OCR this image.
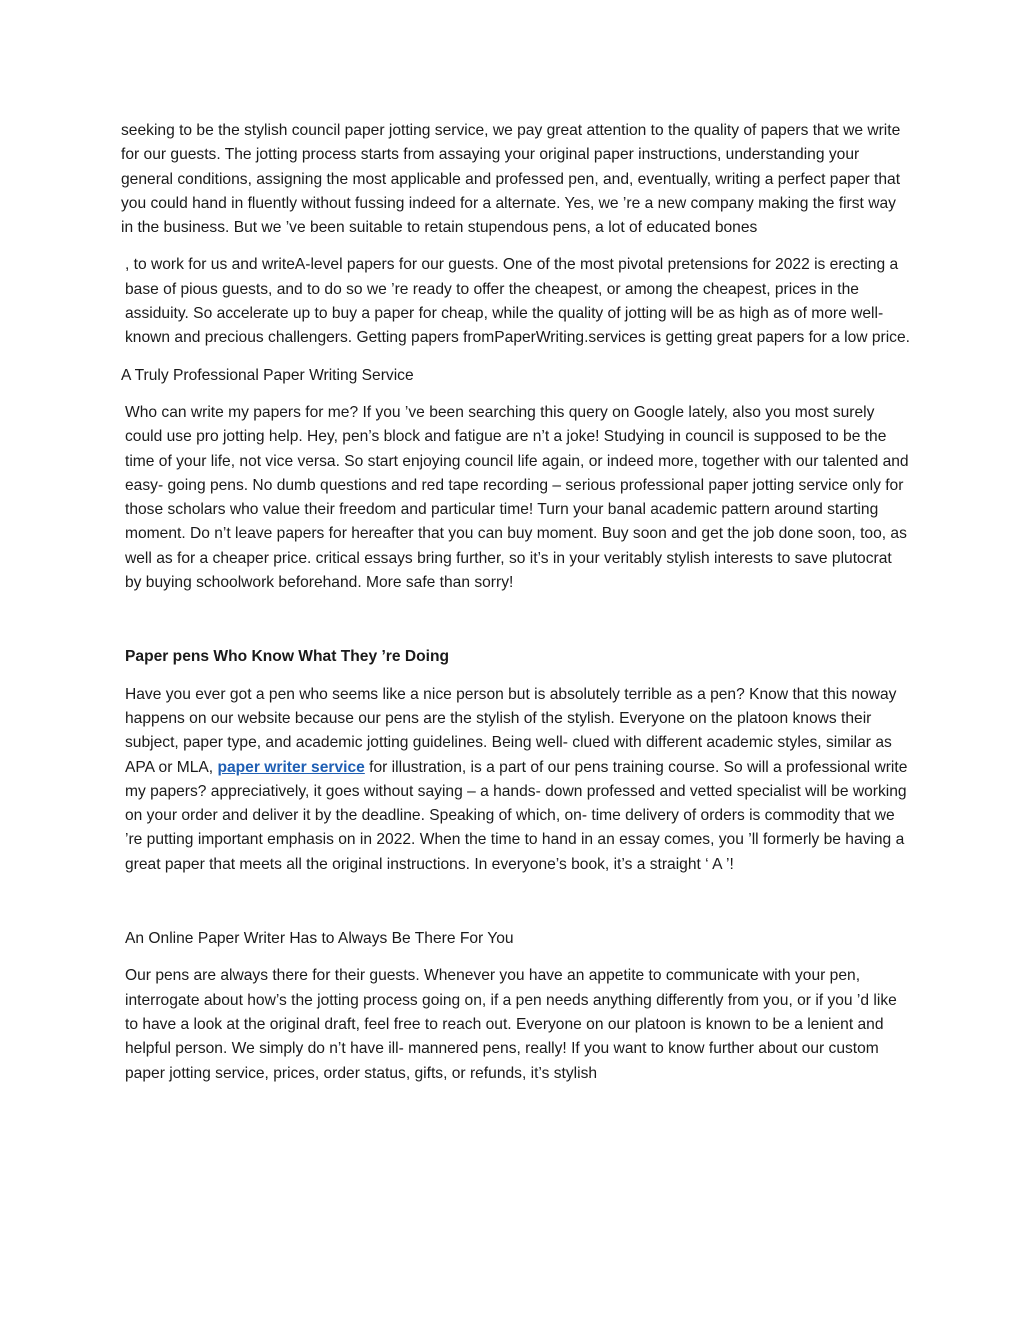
seeking to be the stylish council paper jotting service, we pay great attention to the quality of papers that we write for our guests. The jotting process starts from assaying your original paper instructions, understanding your general conditions, assigning the most applicable and professed pen, and, eventually, writing a perfect paper that you could hand in fluently without fussing indeed for a alternate. Yes, we ’re a new company making the first way in the business. But we ’ve been suitable to retain stupendous pens, a lot of educated bones

, to work for us and writeA-level papers for our guests. One of the most pivotal pretensions for 2022 is erecting a base of pious guests, and to do so we ’re ready to offer the cheapest, or among the cheapest, prices in the assiduity. So accelerate up to buy a paper for cheap, while the quality of jotting will be as high as of more well- known and precious challengers. Getting papers fromPaperWriting.services is getting great papers for a low price.

A Truly Professional Paper Writing Service

Who can write my papers for me? If you ’ve been searching this query on Google lately, also you most surely could use pro jotting help. Hey, pen’s block and fatigue are n’t a joke! Studying in council is supposed to be the time of your life, not vice versa. So start enjoying council life again, or indeed more, together with our talented and easy- going pens. No dumb questions and red tape recording – serious professional paper jotting service only for those scholars who value their freedom and particular time! Turn your banal academic pattern around starting moment. Do n’t leave papers for hereafter that you can buy moment. Buy soon and get the job done soon, too, as well as for a cheaper price. critical essays bring further, so it’s in your veritably stylish interests to save plutocrat by buying schoolwork beforehand. More safe than sorry!

Paper pens Who Know What They ’re Doing

Have you ever got a pen who seems like a nice person but is absolutely terrible as a pen? Know that this noway happens on our website because our pens are the stylish of the stylish. Everyone on the platoon knows their subject, paper type, and academic jotting guidelines. Being well- clued with different academic styles, similar as APA or MLA, paper writer service for illustration, is a part of our pens training course. So will a professional write my papers? appreciatively, it goes without saying – a hands- down professed and vetted specialist will be working on your order and deliver it by the deadline. Speaking of which, on- time delivery of orders is commodity that we ’re putting important emphasis on in 2022. When the time to hand in an essay comes, you ’ll formerly be having a great paper that meets all the original instructions. In everyone’s book, it’s a straight ‘ A ’!

An Online Paper Writer Has to Always Be There For You

Our pens are always there for their guests. Whenever you have an appetite to communicate with your pen, interrogate about how’s the jotting process going on, if a pen needs anything differently from you, or if you ’d like to have a look at the original draft, feel free to reach out. Everyone on our platoon is known to be a lenient and helpful person. We simply do n’t have ill- mannered pens, really! If you want to know further about our custom paper jotting service, prices, order status, gifts, or refunds, it’s stylish
